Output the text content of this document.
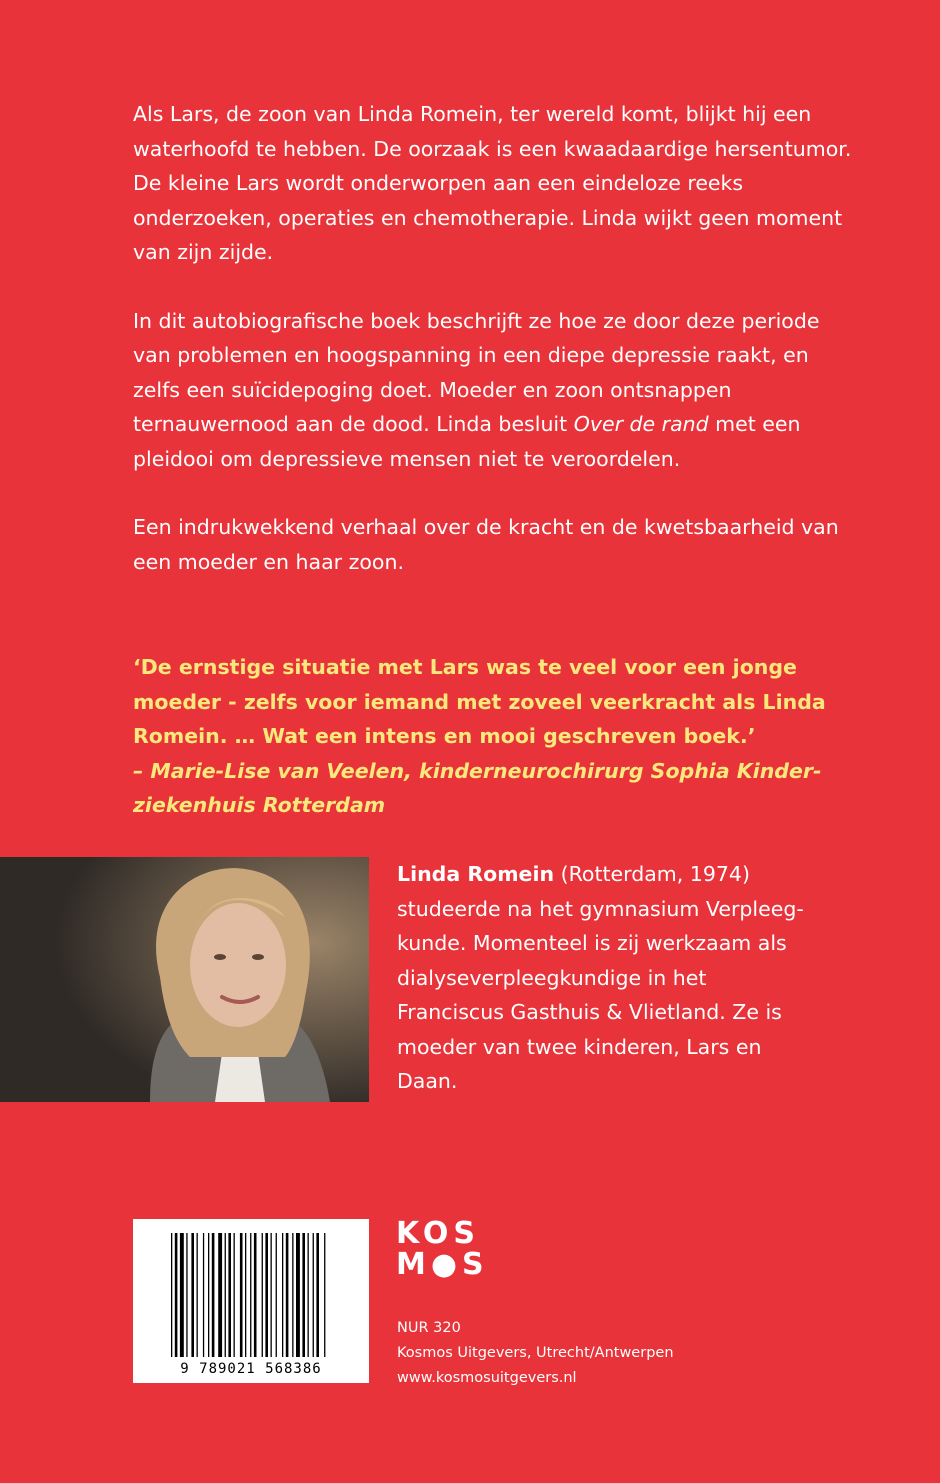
Als Lars, de zoon van Linda Romein, ter wereld komt, blijkt hij een waterhoofd te hebben. De oorzaak is een kwaadaardige hersentumor. De kleine Lars wordt onderworpen aan een eindeloze reeks onderzoeken, operaties en chemotherapie. Linda wijkt geen moment van zijn zijde.

In dit autobiografische boek beschrijft ze hoe ze door deze periode van problemen en hoogspanning in een diepe depressie raakt, en zelfs een suïcidepoging doet. Moeder en zoon ontsnappen ternauwernood aan de dood. Linda besluit Over de rand met een pleidooi om depressieve mensen niet te veroordelen.

Een indrukwekkend verhaal over de kracht en de kwetsbaarheid van een moeder en haar zoon.

‘De ernstige situatie met Lars was te veel voor een jonge moeder - zelfs voor iemand met zoveel veerkracht als Linda Romein. … Wat een intens en mooi geschreven boek.’
– Marie-Lise van Veelen, kinderneurochirurg Sophia Kinder-ziekenhuis Rotterdam
Linda Romein (Rotterdam, 1974) studeerde na het gymnasium Verpleeg-kunde. Momenteel is zij werkzaam als dialyseverpleegkundige in het Franciscus Gasthuis & Vlietland. Ze is moeder van twee kinderen, Lars en Daan.
9 789021 568386
KOS
M●S
NUR 320
Kosmos Uitgevers, Utrecht/Antwerpen
www.kosmosuitgevers.nl
